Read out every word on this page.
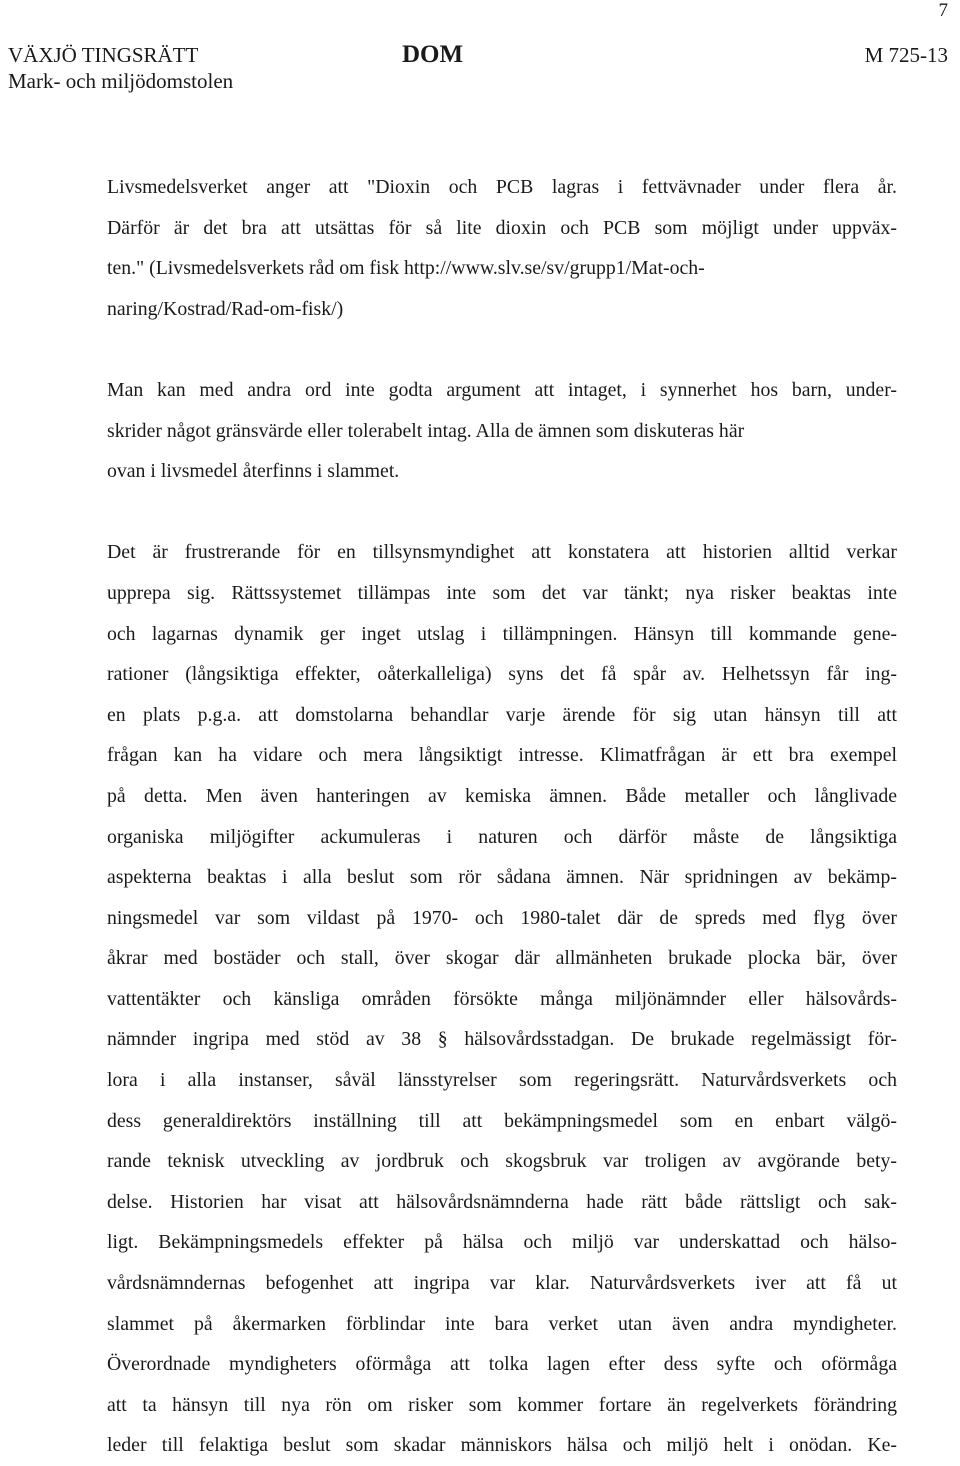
7
VÄXJÖ TINGSRÄTT
Mark- och miljödomstolen
DOM	M 725-13

Livsmedelsverket anger att "Dioxin och PCB lagras i fettvävnader under flera år.
Därför är det bra att utsättas för så lite dioxin och PCB som möjligt under uppväx-
ten." (Livsmedelsverkets råd om fisk http://www.slv.se/sv/grupp1/Mat-och-
naring/Kostrad/Rad-om-fisk/)

Man kan med andra ord inte godta argument att intaget, i synnerhet hos barn, under-
skrider något gränsvärde eller tolerabelt intag. Alla de ämnen som diskuteras här
ovan i livsmedel återfinns i slammet.

Det är frustrerande för en tillsynsmyndighet att konstatera att historien alltid verkar
upprepa sig. Rättssystemet tillämpas inte som det var tänkt; nya risker beaktas inte
och lagarnas dynamik ger inget utslag i tillämpningen. Hänsyn till kommande gene-
rationer (långsiktiga effekter, oåterkalleliga) syns det få spår av. Helhetssyn får ing-
en plats p.g.a. att domstolarna behandlar varje ärende för sig utan hänsyn till att
frågan kan ha vidare och mera långsiktigt intresse. Klimatfrågan är ett bra exempel
på detta. Men även hanteringen av kemiska ämnen. Både metaller och långlivade
organiska miljögifter ackumuleras i naturen och därför måste de långsiktiga
aspekterna beaktas i alla beslut som rör sådana ämnen. När spridningen av bekämp-
ningsmedel var som vildast på 1970- och 1980-talet där de spreds med flyg över
åkrar med bostäder och stall, över skogar där allmänheten brukade plocka bär, över
vattentäkter och känsliga områden försökte många miljönämnder eller hälsovårds-
nämnder ingripa med stöd av 38 § hälsovårdsstadgan. De brukade regelmässigt för-
lora i alla instanser, såväl länsstyrelser som regeringsrätt. Naturvårdsverkets och
dess generaldirektörs inställning till att bekämpningsmedel som en enbart välgö-
rande teknisk utveckling av jordbruk och skogsbruk var troligen av avgörande bety-
delse. Historien har visat att hälsovårdsnämnderna hade rätt både rättsligt och sak-
ligt. Bekämpningsmedels effekter på hälsa och miljö var underskattad och hälso-
vårdsnämndernas befogenhet att ingripa var klar. Naturvårdsverkets iver att få ut
slammet på åkermarken förblindar inte bara verket utan även andra myndigheter.
Överordnade myndigheters oförmåga att tolka lagen efter dess syfte och oförmåga
att ta hänsyn till nya rön om risker som kommer fortare än regelverkets förändring
leder till felaktiga beslut som skadar människors hälsa och miljö helt i onödan. Ke-
